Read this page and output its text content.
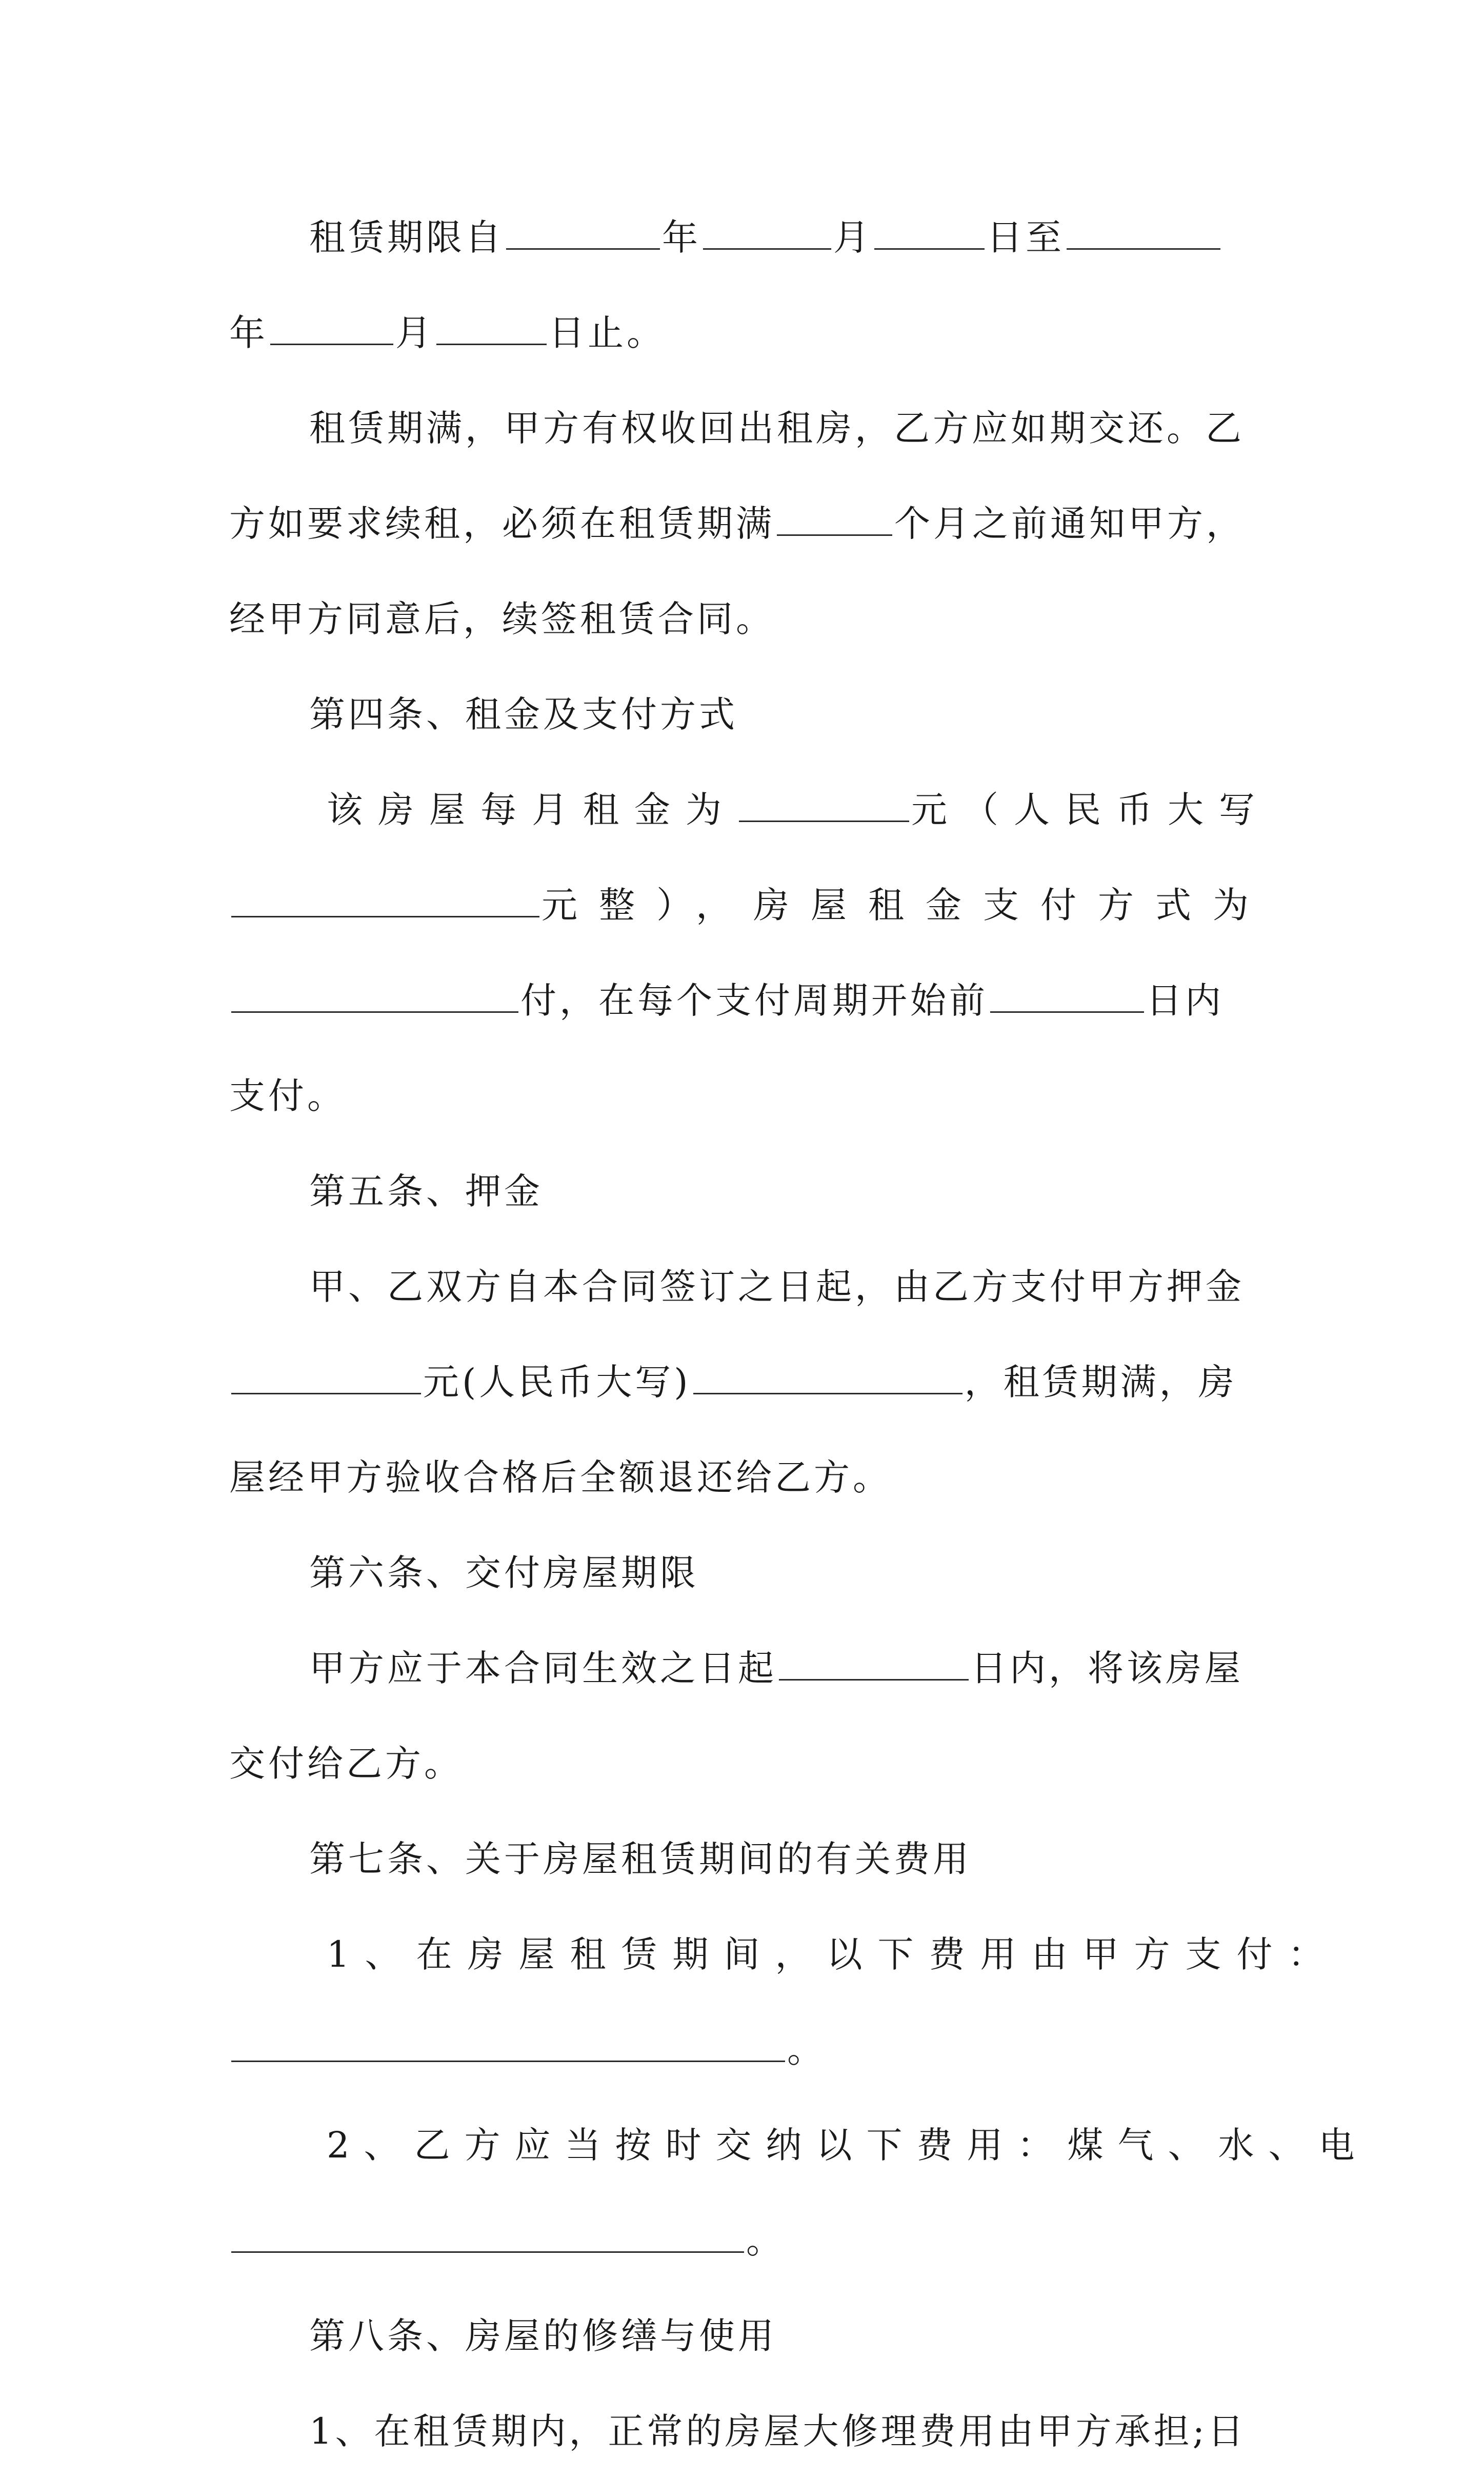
租赁期限自	年	月	日至
年	月	日止。
租赁期满，甲方有权收回出租房，乙方应如期交还。乙
方如要求续租，必须在租赁期满	个月之前通知甲方，
经甲方同意后，续签租赁合同。
第四条、租金及支付方式
该房屋每月租金为	元（人民币大写
元整），房屋租金支付方式为
付，在每个支付周期开始前	日内
支付。
第五条、押金
甲、乙双方自本合同签订之日起，由乙方支付甲方押金
元(人民币大写)	，租赁期满，房
屋经甲方验收合格后全额退还给乙方。
第六条、交付房屋期限
甲方应于本合同生效之日起	日内，将该房屋
交付给乙方。
第七条、关于房屋租赁期间的有关费用
1、在房屋租赁期间，以下费用由甲方支付：
。
2、乙方应当按时交纳以下费用：煤气、水、电
。
第八条、房屋的修缮与使用
1、在租赁期内，正常的房屋大修理费用由甲方承担;日
